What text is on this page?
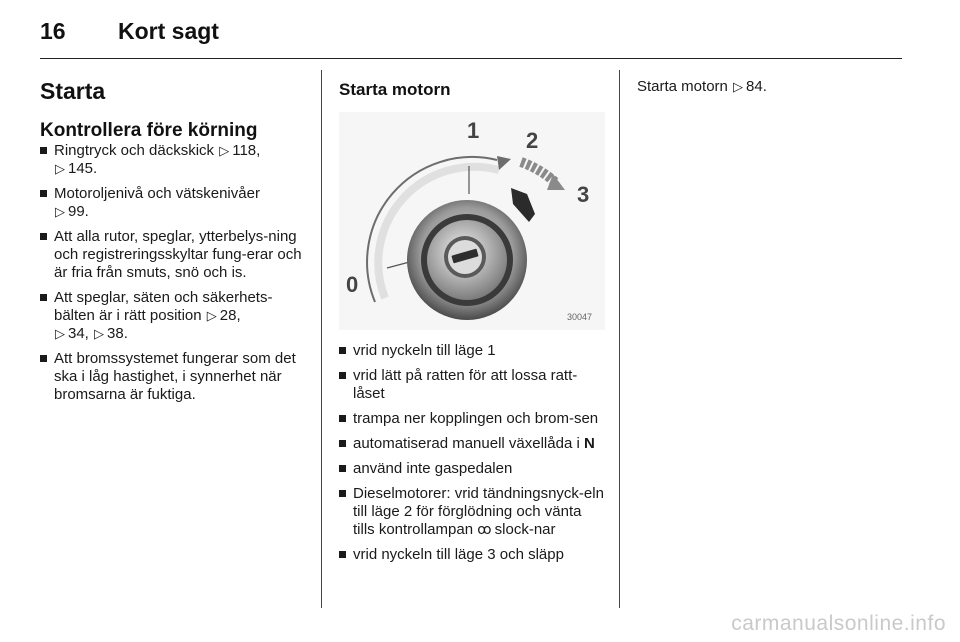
16 Kort sagt
Starta
Kontrollera före körning
Ringtryck och däckskick ▷ 118,
▷ 145.
Motoroljenivå och vätskenivåer
▷ 99.
Att alla rutor, speglar, ytterbelys-ning och registreringsskyltar fung-erar och är fria från smuts, snö och is.
Att speglar, säten och säkerhets-bälten är i rätt position ▷ 28,
▷ 34, ▷ 38.
Att bromssystemet fungerar som det ska i låg hastighet, i synnerhet när bromsarna är fuktiga.
Starta motorn
1 2
3
0
30047
vrid nyckeln till läge 1
vrid lätt på ratten för att lossa ratt-låset
trampa ner kopplingen och brom-sen
automatiserad manuell växellåda i N
använd inte gaspedalen
Dieselmotorer: vrid tändningsnyck-eln till läge 2 för förglödning och vänta tills kontrollampan ꝏ slock-nar
vrid nyckeln till läge 3 och släpp

Starta motorn ▷ 84.

carmanualsonline.info
